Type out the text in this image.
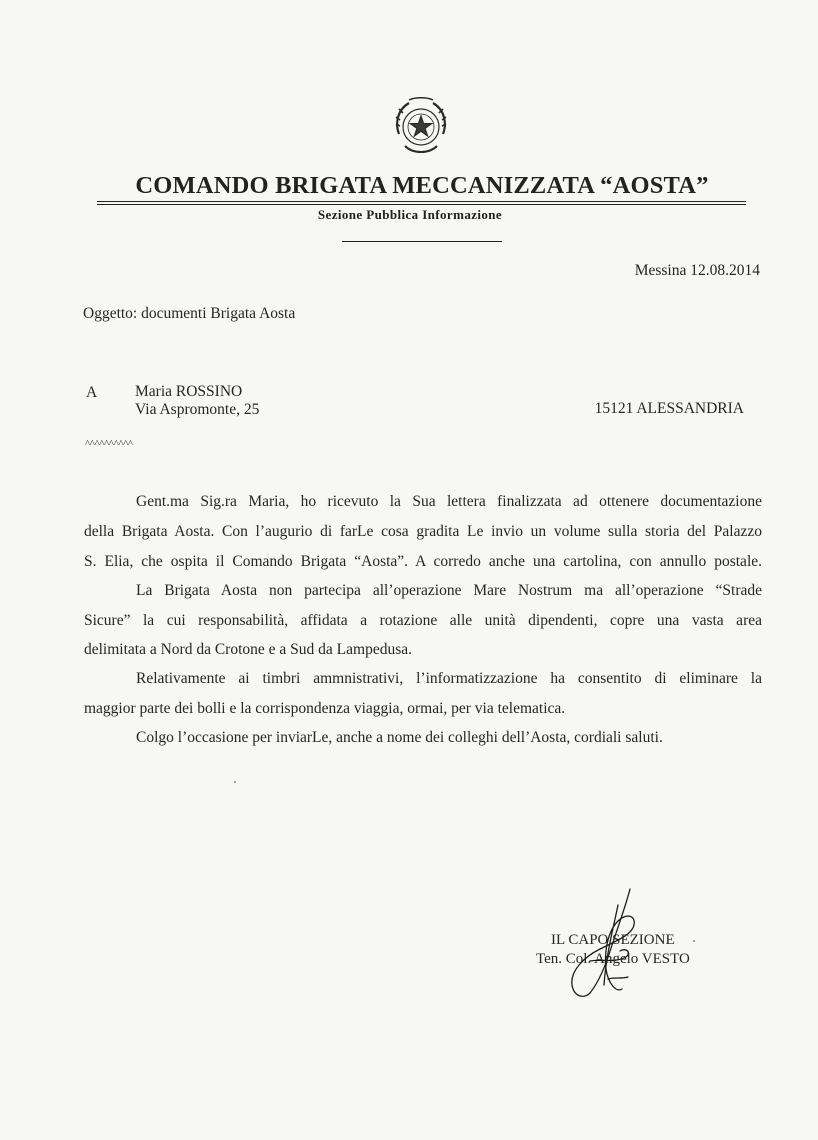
COMANDO BRIGATA MECCANIZZATA “AOSTA”
Sezione Pubblica Informazione
Messina 12.08.2014
Oggetto: documenti Brigata Aosta
A Maria ROSSINO
Via Aspromonte, 25	15121 ALESSANDRIA
^^^^^^^^^^
Gent.ma Sig.ra Maria, ho ricevuto la Sua lettera finalizzata ad ottenere documentazione
della Brigata Aosta. Con l’augurio di farLe cosa gradita Le invio un volume sulla storia del Palazzo
S. Elia, che ospita il Comando Brigata “Aosta”. A corredo anche una cartolina, con annullo postale.
La Brigata Aosta non partecipa all’operazione Mare Nostrum ma all’operazione “Strade
Sicure” la cui responsabilità, affidata a rotazione alle unità dipendenti, copre una vasta area
delimitata a Nord da Crotone e a Sud da Lampedusa.
Relativamente ai timbri ammnistrativi, l’informatizzazione ha consentito di eliminare la
maggior parte dei bolli e la corrispondenza viaggia, ormai, per via telematica.
Colgo l’occasione per inviarLe, anche a nome dei colleghi dell’Aosta, cordiali saluti.
IL CAPO SEZIONE
Ten. Col. Angelo VESTO
